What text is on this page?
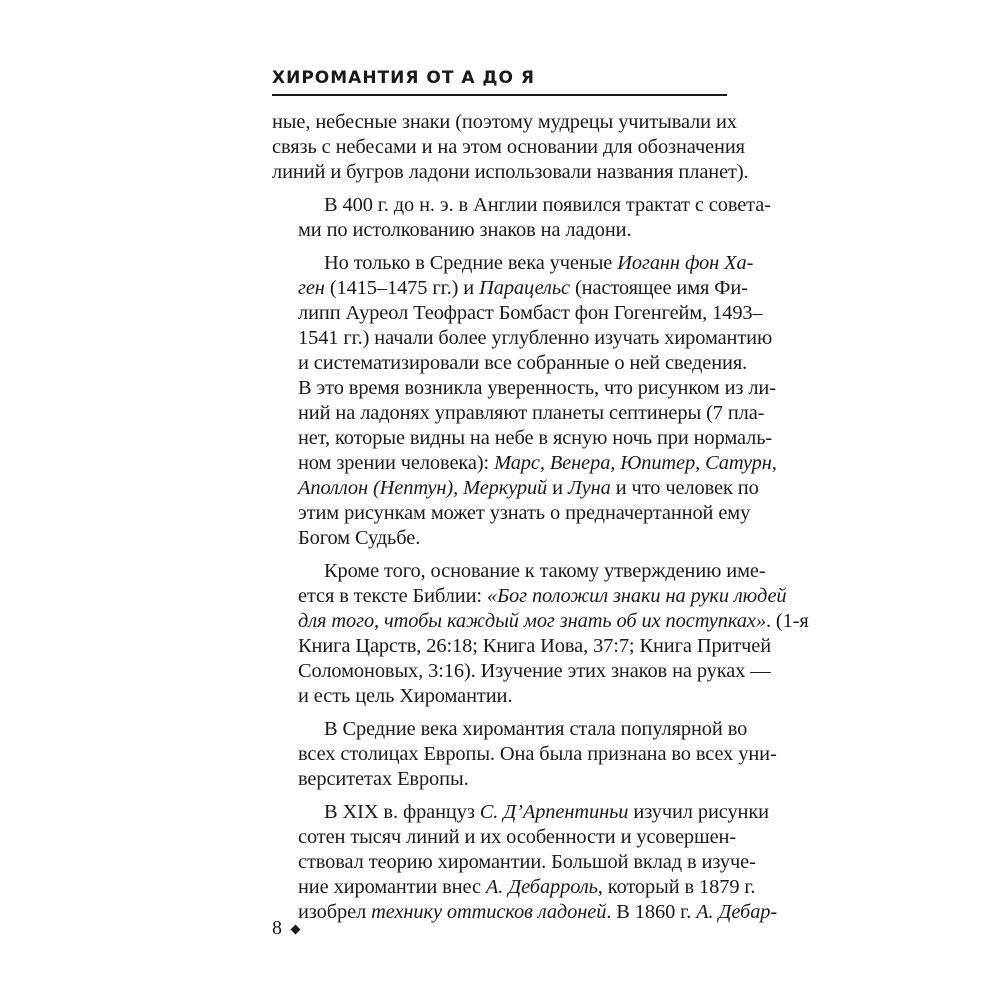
ХИРОМАНТИЯ ОТ А ДО Я
ные, небесные знаки (поэтому мудрецы учитывали их
связь с небесами и на этом основании для обозначения
линий и бугров ладони использовали названия планет).
В 400 г. до н. э. в Англии появился трактат с совета-
ми по истолкованию знаков на ладони.
Но только в Средние века ученые Иоганн фон Ха-
ген (1415–1475 гг.) и Парацельс (настоящее имя Фи-
липп Ауреол Теофраст Бомбаст фон Гогенгейм, 1493–
1541 гг.) начали более углубленно изучать хиромантию
и систематизировали все собранные о ней сведения.
В это время возникла уверенность, что рисунком из ли-
ний на ладонях управляют планеты септинеры (7 пла-
нет, которые видны на небе в ясную ночь при нормаль-
ном зрении человека): Марс, Венера, Юпитер, Сатурн,
Аполлон (Нептун), Меркурий и Луна и что человек по
этим рисункам может узнать о предначертанной ему
Богом Судьбе.
Кроме того, основание к такому утверждению име-
ется в тексте Библии: «Бог положил знаки на руки людей
для того, чтобы каждый мог знать об их поступках». (1-я
Книга Царств, 26:18; Книга Иова, 37:7; Книга Притчей
Соломоновых, 3:16). Изучение этих знаков на руках —
и есть цель Хиромантии.
В Средние века хиромантия стала популярной во
всех столицах Европы. Она была признана во всех уни-
верситетах Европы.
В XIX в. француз С. Д’Арпентиньи изучил рисунки
сотен тысяч линий и их особенности и усовершен-
ствовал теорию хиромантии. Большой вклад в изуче-
ние хиромантии внес А. Дебарроль, который в 1879 г.
изобрел технику оттисков ладоней. В 1860 г. А. Дебар-
8
